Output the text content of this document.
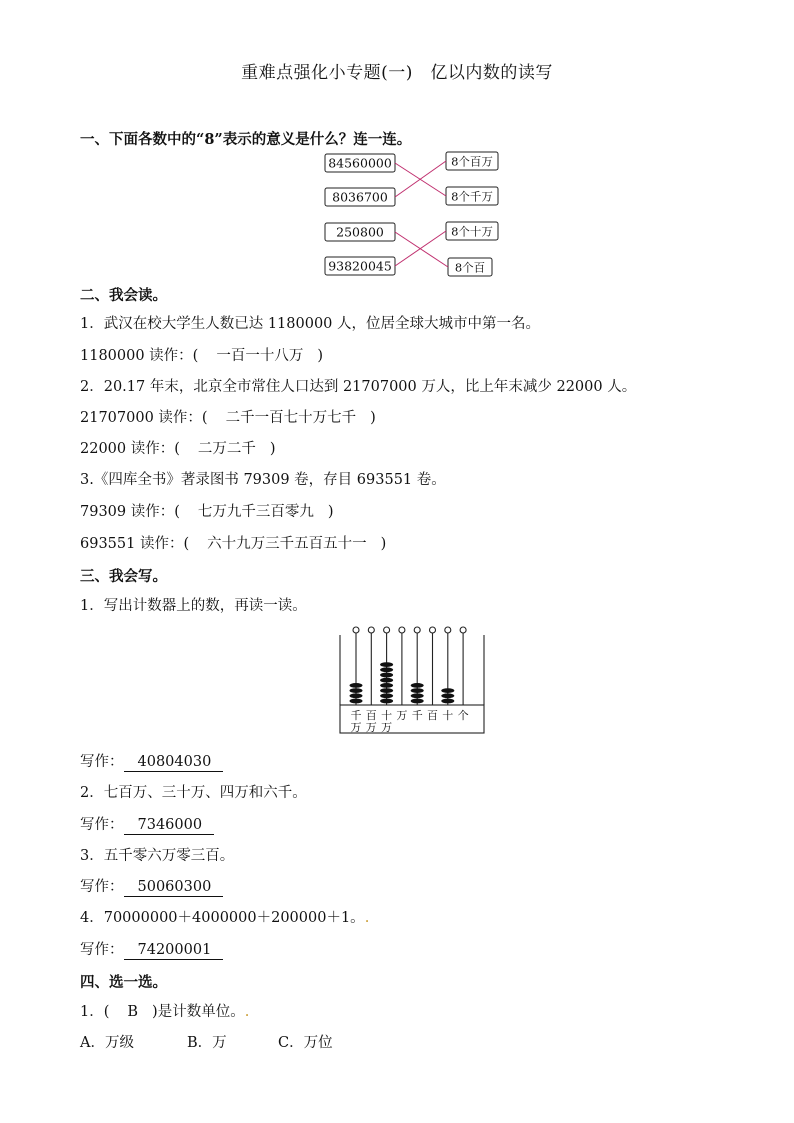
重难点强化小专题(一)　亿以内数的读写
一、下面各数中的“8”表示的意义是什么？连一连。
84560000
8036700
250800
93820045
8个百万
8个千万
8个十万
8个百
二、我会读。
1．武汉在校大学生人数已达 1180000 人，位居全球大城市中第一名。
1180000 读作：( 一百一十八万 )
2．20.17 年末，北京全市常住人口达到 21707000 万人，比上年末减少 22000 人。
21707000 读作：( 二千一百七十万七千 )
22000 读作：( 二万二千 )
3.《四库全书》著录图书 79309 卷，存目 693551 卷。
79309 读作：( 七万九千三百零九 )
693551 读作：( 六十九万三千五百五十一 )
三、我会写。
1．写出计数器上的数，再读一读。
千 百 十 万 千 百 十 个
万 万 万
写作： 40804030
2．七百万、三十万、四万和六千。
写作： 7346000
3．五千零六万零三百。
写作： 50060300
4．70000000＋4000000＋200000＋1。.
写作： 74200001
四、选一选。
1．( B )是计数单位。.
A．万级	B．万	C．万位
